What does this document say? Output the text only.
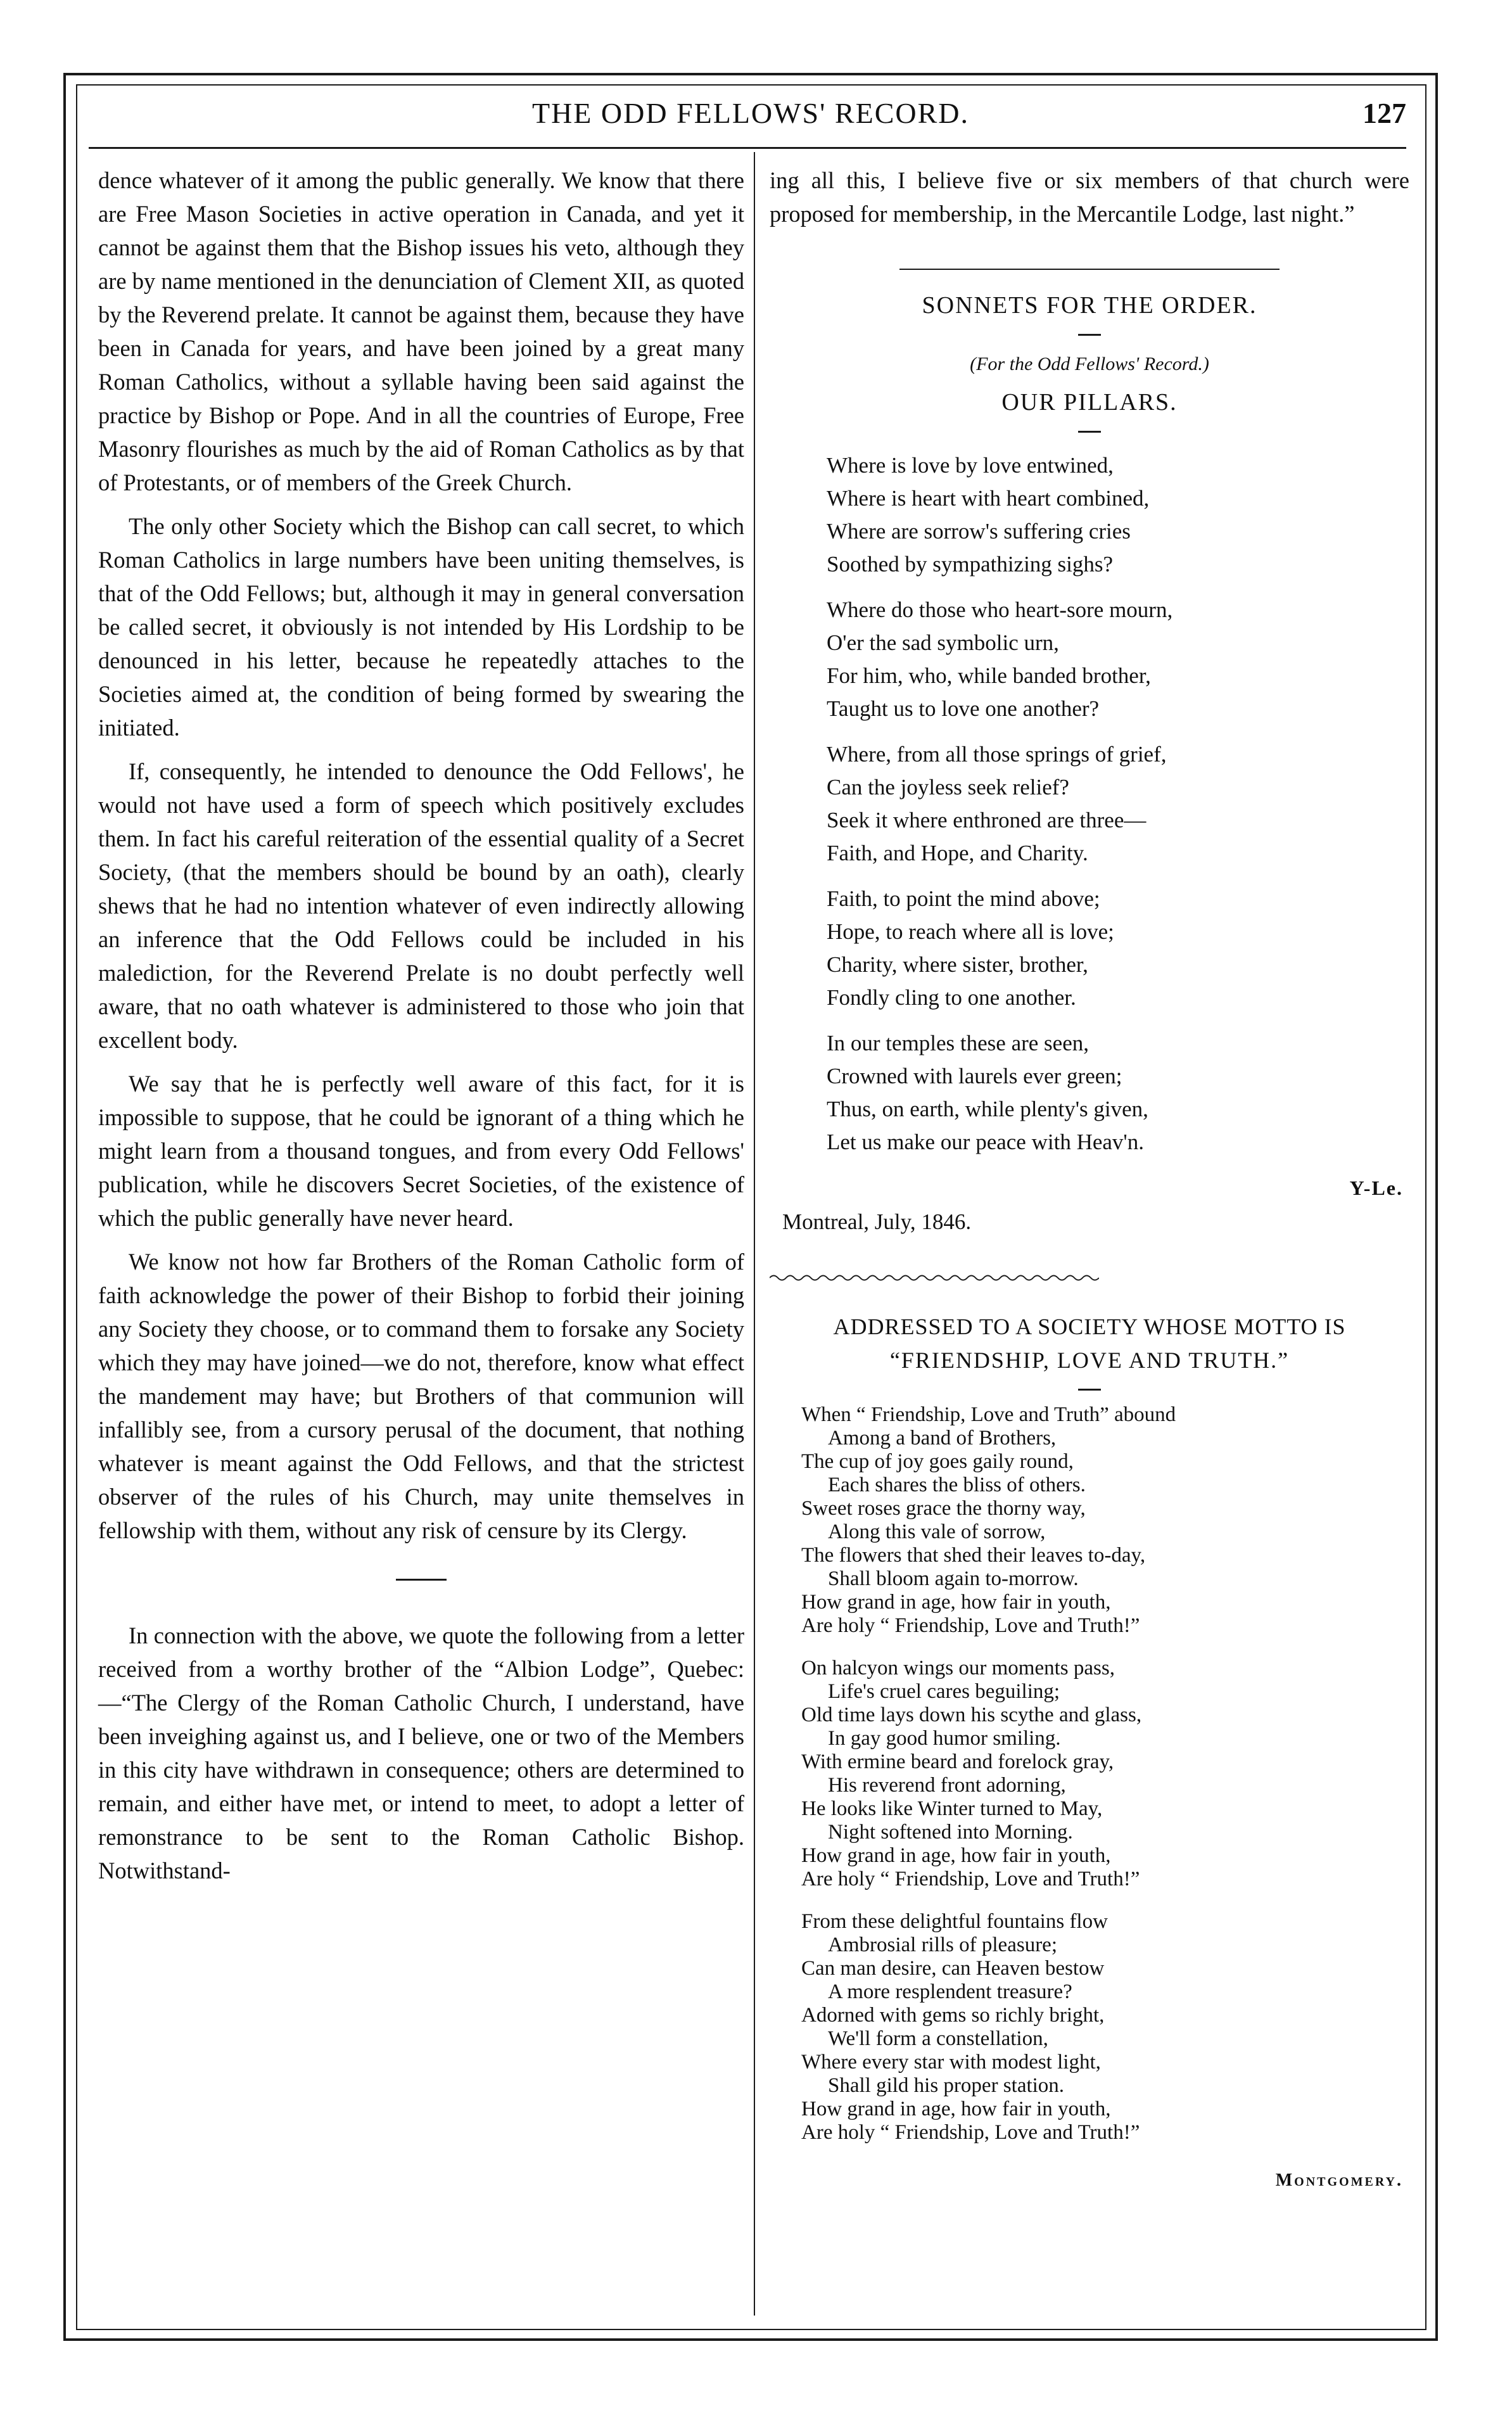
THE ODD FELLOWS' RECORD.	127

dence whatever of it among the public generally. We know that there are Free Mason Societies in active operation in Canada, and yet it cannot be against them that the Bishop issues his veto, although they are by name mentioned in the denunciation of Clement XII, as quoted by the Reverend prelate. It cannot be against them, because they have been in Canada for years, and have been joined by a great many Roman Catholics, without a syllable having been said against the practice by Bishop or Pope. And in all the countries of Europe, Free Masonry flourishes as much by the aid of Roman Catholics as by that of Protestants, or of members of the Greek Church.

The only other Society which the Bishop can call secret, to which Roman Catholics in large numbers have been uniting themselves, is that of the Odd Fellows; but, although it may in general conversation be called secret, it obviously is not intended by His Lordship to be denounced in his letter, because he repeatedly attaches to the Societies aimed at, the condition of being formed by swearing the initiated.

If, consequently, he intended to denounce the Odd Fellows', he would not have used a form of speech which positively excludes them. In fact his careful reiteration of the essential quality of a Secret Society, (that the members should be bound by an oath), clearly shews that he had no intention whatever of even indirectly allowing an inference that the Odd Fellows could be included in his malediction, for the Reverend Prelate is no doubt perfectly well aware, that no oath whatever is administered to those who join that excellent body.

We say that he is perfectly well aware of this fact, for it is impossible to suppose, that he could be ignorant of a thing which he might learn from a thousand tongues, and from every Odd Fellows' publication, while he discovers Secret Societies, of the existence of which the public generally have never heard.

We know not how far Brothers of the Roman Catholic form of faith acknowledge the power of their Bishop to forbid their joining any Society they choose, or to command them to forsake any Society which they may have joined—we do not, therefore, know what effect the mandement may have; but Brothers of that communion will infallibly see, from a cursory perusal of the document, that nothing whatever is meant against the Odd Fellows, and that the strictest observer of the rules of his Church, may unite themselves in fellowship with them, without any risk of censure by its Clergy.

In connection with the above, we quote the following from a letter received from a worthy brother of the “Albion Lodge”, Quebec:—“The Clergy of the Roman Catholic Church, I understand, have been inveighing against us, and I believe, one or two of the Members in this city have withdrawn in consequence; others are determined to remain, and either have met, or intend to meet, to adopt a letter of remonstrance to be sent to the Roman Catholic Bishop. Notwithstand-

ing all this, I believe five or six members of that church were proposed for membership, in the Mercantile Lodge, last night.”

SONNETS FOR THE ORDER.

(For the Odd Fellows' Record.)

OUR PILLARS.

Where is love by love entwined,
Where is heart with heart combined,
Where are sorrow's suffering cries
Soothed by sympathizing sighs?
Where do those who heart-sore mourn,
O'er the sad symbolic urn,
For him, who, while banded brother,
Taught us to love one another?
Where, from all those springs of grief,
Can the joyless seek relief?
Seek it where enthroned are three—
Faith, and Hope, and Charity.
Faith, to point the mind above;
Hope, to reach where all is love;
Charity, where sister, brother,
Fondly cling to one another.
In our temples these are seen,
Crowned with laurels ever green;
Thus, on earth, while plenty's given,
Let us make our peace with Heav'n.

Y-Le.

Montreal, July, 1846.

ADDRESSED TO A SOCIETY WHOSE MOTTO IS

“FRIENDSHIP, LOVE AND TRUTH.”

When “ Friendship, Love and Truth” abound
Among a band of Brothers,
The cup of joy goes gaily round,
Each shares the bliss of others.
Sweet roses grace the thorny way,
Along this vale of sorrow,
The flowers that shed their leaves to-day,
Shall bloom again to-morrow.
How grand in age, how fair in youth,
Are holy “ Friendship, Love and Truth!”
On halcyon wings our moments pass,
Life's cruel cares beguiling;
Old time lays down his scythe and glass,
In gay good humor smiling.
With ermine beard and forelock gray,
His reverend front adorning,
He looks like Winter turned to May,
Night softened into Morning.
How grand in age, how fair in youth,
Are holy “ Friendship, Love and Truth!”
From these delightful fountains flow
Ambrosial rills of pleasure;
Can man desire, can Heaven bestow
A more resplendent treasure?
Adorned with gems so richly bright,
We'll form a constellation,
Where every star with modest light,
Shall gild his proper station.
How grand in age, how fair in youth,
Are holy “ Friendship, Love and Truth!”

Montgomery.
